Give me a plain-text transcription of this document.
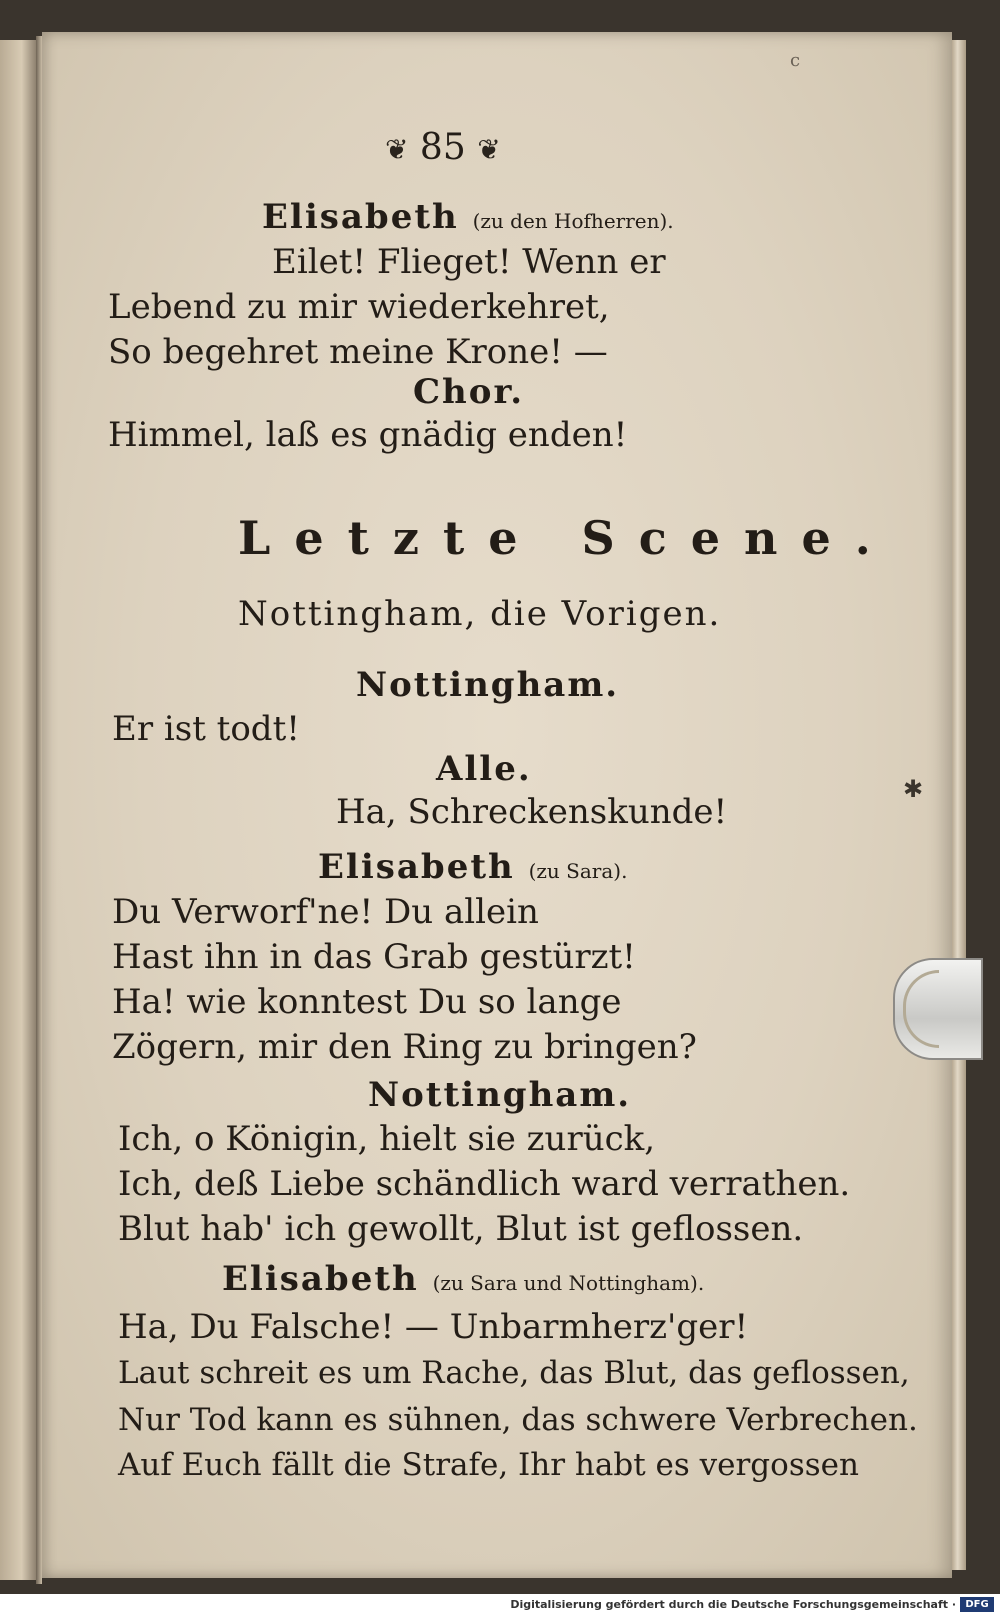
c
❦ 85 ❦
Elisabeth (zu den Hofherren).
Eilet! Flieget! Wenn er
Lebend zu mir wiederkehret,
So begehret meine Krone! —
Chor.
Himmel, laß es gnädig enden!
Letzte Scene.
Nottingham, die Vorigen.
Nottingham.
Er ist todt!
Alle.
Ha, Schreckenskunde!
Elisabeth (zu Sara).
Du Verworf'ne! Du allein
Hast ihn in das Grab gestürzt!
Ha! wie konntest Du so lange
Zögern, mir den Ring zu bringen?
Nottingham.
Ich, o Königin, hielt sie zurück,
Ich, deß Liebe schändlich ward verrathen.
Blut hab' ich gewollt, Blut ist geflossen.
Elisabeth (zu Sara und Nottingham).
Ha, Du Falsche! — Unbarmherz'ger!
Laut schreit es um Rache, das Blut, das geflossen,
Nur Tod kann es sühnen, das schwere Verbrechen.
Auf Euch fällt die Strafe, Ihr habt es vergossen
✱
Digitalisierung gefördert durch die Deutsche Forschungsgemeinschaft · DFG
